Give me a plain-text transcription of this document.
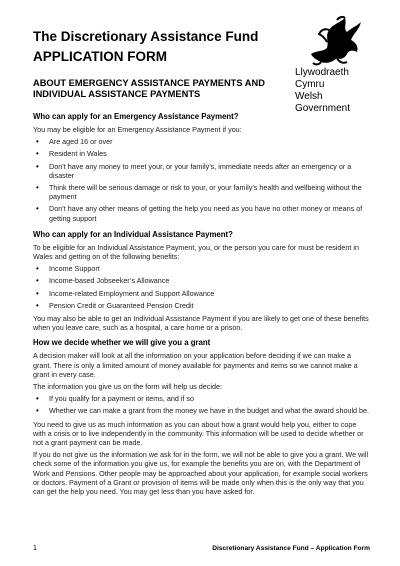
The Discretionary Assistance Fund
APPLICATION FORM
ABOUT EMERGENCY ASSISTANCE PAYMENTS AND
INDIVIDUAL ASSISTANCE PAYMENTS
Llywodraeth Cymru
Welsh Government
Who can apply for an Emergency Assistance Payment?

You may be eligible for an Emergency Assistance Payment if you:

• Are aged 16 or over
• Resident in Wales
• Don’t have any money to meet your, or your family’s, immediate needs after an emergency or a disaster
• Think there will be serious damage or risk to your, or your family’s health and wellbeing without the payment
• Don’t have any other means of getting the help you need as you have no other money or means of getting support
Who can apply for an Individual Assistance Payment?

To be eligible for an Individual Assistance Payment, you, or the person you care for must be resident in Wales and getting on of the following benefits:

• Income Support
• Income-based Jobseeker’s Allowance
• Income-related Employment and Support Allowance
• Pension Credit or Guaranteed Pension Credit

You may also be able to get an Individual Assistance Payment if you are likely to get one of these benefits when you leave care, such as a hospital, a care home or a prison.

How we decide whether we will give you a grant

A decision maker will look at all the information on your application before deciding if we can make a grant. There is only a limited amount of money available for payments and items so we cannot make a grant in every case.

The information you give us on the form will help us decide:

• If you qualify for a payment or items, and if so
• Whether we can make a grant from the money we have in the budget and what the award should be.

You need to give us as much information as you can about how a grant would help you, either to cope with a crisis or to live independently in the community. This information will be used to decide whether or not a grant payment can be made.

If you do not give us the information we ask for in the form, we will not be able to give you a grant. We will check some of the information you give us, for example the benefits you are on, with the Department of Work and Pensions. Other people may be approached about your application, for example social workers or doctors. Payment of a Grant or provision of items will be made only when this is the only way that you can get the help you need. You may get less than you have asked for.

1	Discretionary Assistance Fund – Application Form
